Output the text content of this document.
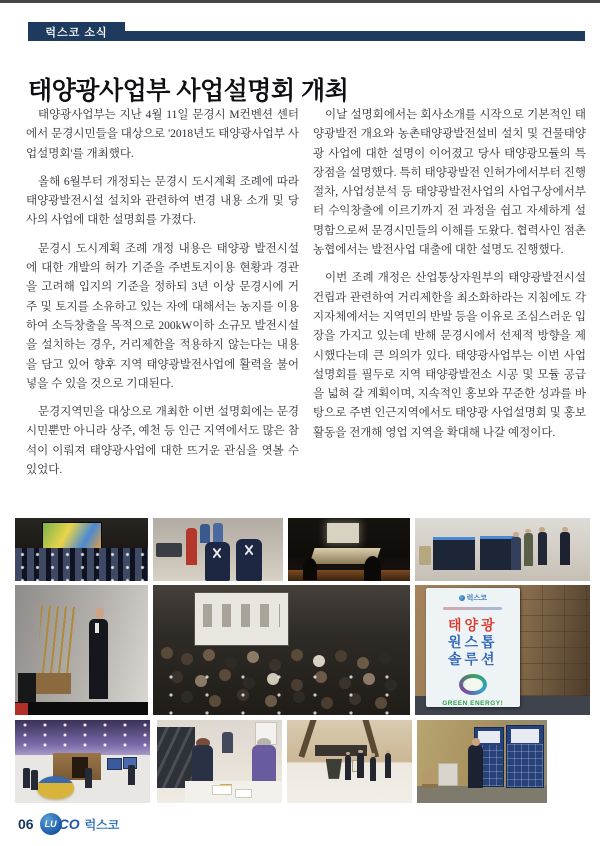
럭스코 소식
태양광사업부 사업설명회 개최

태양광사업부는 지난 4월 11일 문경시 M컨벤션 센터에서 문경시민들을 대상으로 '2018년도 태양광사업부 사업설명회'를 개최했다.

올해 6월부터 개정되는 문경시 도시계획 조례에 따라 태양광발전시설 설치와 관련하여 변경 내용 소개 및 당사의 사업에 대한 설명회를 가졌다.

문경시 도시계획 조례 개정 내용은 태양광 발전시설에 대한 개발의 허가 기준을 주변토지이용 현황과 경관을 고려해 입지의 기준을 정하되 3년 이상 문경시에 거주 및 토지를 소유하고 있는 자에 대해서는 농지를 이용하여 소득창출을 목적으로 200kW이하 소규모 발전시설을 설치하는 경우, 거리제한을 적용하지 않는다는 내용을 담고 있어 향후 지역 태양광발전사업에 활력을 불어넣을 수 있을 것으로 기대된다.

문경지역민을 대상으로 개최한 이번 설명회에는 문경시민뿐만 아니라 상주, 예천 등 인근 지역에서도 많은 참석이 이뤄져 태양광사업에 대한 뜨거운 관심을 엿볼 수 있었다.

이날 설명회에서는 회사소개를 시작으로 기본적인 태양광발전 개요와 농촌태양광발전설비 설치 및 건물태양광 사업에 대한 설명이 이어졌고 당사 태양광모듈의 특장점을 설명했다. 특히 태양광발전 인허가에서부터 진행절차, 사업성분석 등 태양광발전사업의 사업구상에서부터 수익창출에 이르기까지 전 과정을 쉽고 자세하게 설명함으로써 문경시민들의 이해를 도왔다. 협력사인 점촌농협에서는 발전사업 대출에 대한 설명도 진행했다.

이번 조례 개정은 산업통상자원부의 태양광발전시설 건립과 관련하여 거리제한을 최소화하라는 지침에도 각 지자체에서는 지역민의 반발 등을 이유로 조심스러운 입장을 가지고 있는데 반해 문경시에서 선제적 방향을 제시했다는데 큰 의의가 있다. 태양광사업부는 이번 사업설명회를 필두로 지역 태양광발전소 시공 및 모듈 공급을 넓혀 갈 계획이며, 지속적인 홍보와 꾸준한 성과를 바탕으로 주변 인근지역에서도 태양광 사업설명회 및 홍보 활동을 전개해 영업 지역을 확대해 나갈 예정이다.

럭스코
태양광
원스톱
솔루션
GREEN ENERGY!
06	LU CO 럭스코
